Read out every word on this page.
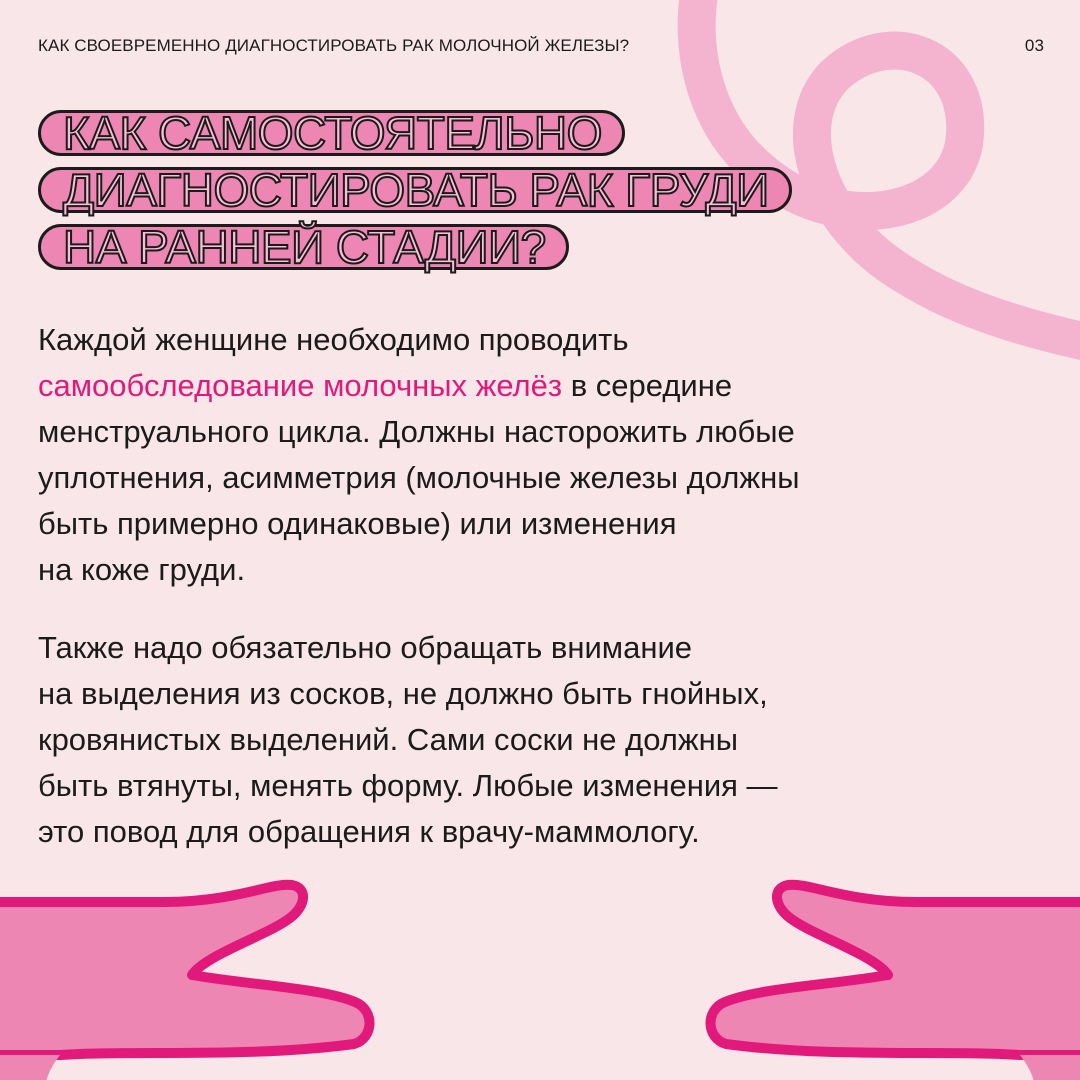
КАК СВОЕВРЕМЕННО ДИАГНОСТИРОВАТЬ РАК МОЛОЧНОЙ ЖЕЛЕЗЫ?	03
КАК САМОСТОЯТЕЛЬНО
ДИАГНОСТИРОВАТЬ РАК ГРУДИ
НА РАННЕЙ СТАДИИ?
Каждой женщине необходимо проводить
самообследование молочных желёз в середине
менструального цикла. Должны насторожить любые
уплотнения, асимметрия (молочные железы должны
быть примерно одинаковые) или изменения
на коже груди.
Также надо обязательно обращать внимание
на выделения из сосков, не должно быть гнойных,
кровянистых выделений. Сами соски не должны
быть втянуты, менять форму. Любые изменения —
это повод для обращения к врачу-маммологу.
